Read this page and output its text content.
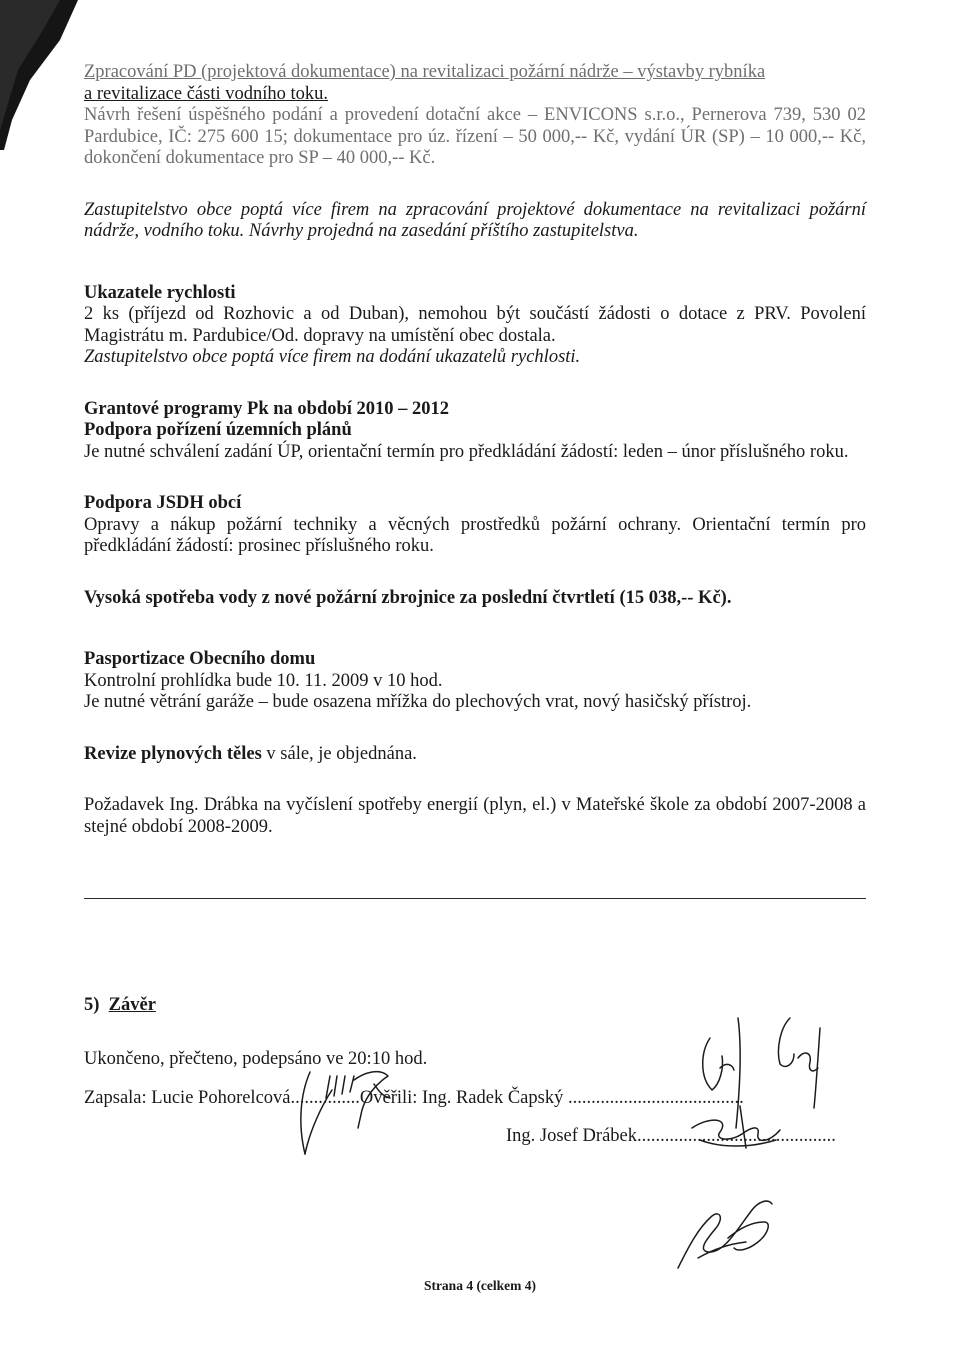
Zpracování PD (projektová dokumentace) na revitalizaci požární nádrže – výstavby rybníka

a revitalizace části vodního toku.

Návrh řešení úspěšného podání a provedení dotační akce – ENVICONS s.r.o., Pernerova 739, 530 02 Pardubice, IČ: 275 600 15; dokumentace pro úz. řízení – 50 000,-- Kč, vydání ÚR (SP) – 10 000,-- Kč, dokončení dokumentace pro SP – 40 000,-- Kč.

Zastupitelstvo obce poptá více firem na zpracování projektové dokumentace na revitalizaci požární nádrže, vodního toku. Návrhy projedná na zasedání příštího zastupitelstva.

Ukazatele rychlosti

2 ks (příjezd od Rozhovic a od Duban), nemohou být součástí žádosti o dotace z PRV. Povolení Magistrátu m. Pardubice/Od. dopravy na umístění obec dostala.

Zastupitelstvo obce poptá více firem na dodání ukazatelů rychlosti.

Grantové programy Pk na období 2010 – 2012

Podpora pořízení územních plánů

Je nutné schválení zadání ÚP, orientační termín pro předkládání žádostí: leden – únor příslušného roku.

Podpora JSDH obcí

Opravy a nákup požární techniky a věcných prostředků požární ochrany. Orientační termín pro předkládání žádostí: prosinec příslušného roku.

Vysoká spotřeba vody z nové požární zbrojnice za poslední čtvrtletí (15 038,-- Kč).

Pasportizace Obecního domu

Kontrolní prohlídka bude 10. 11. 2009 v 10 hod.

Je nutné větrání garáže – bude osazena mřížka do plechových vrat, nový hasičský přístroj.

Revize plynových těles v sále, je objednána.

Požadavek Ing. Drábka na vyčíslení spotřeby energií (plyn, el.) v Mateřské škole za období 2007-2008 a stejné období 2008-2009.

5) Závěr

Ukončeno, přečteno, podepsáno ve 20:10 hod.

Zapsala: Lucie Pohorelcová...............Ověřili: Ing. Radek Čapský ......................................

Ing. Josef Drábek...........................................

Strana 4 (celkem 4)
